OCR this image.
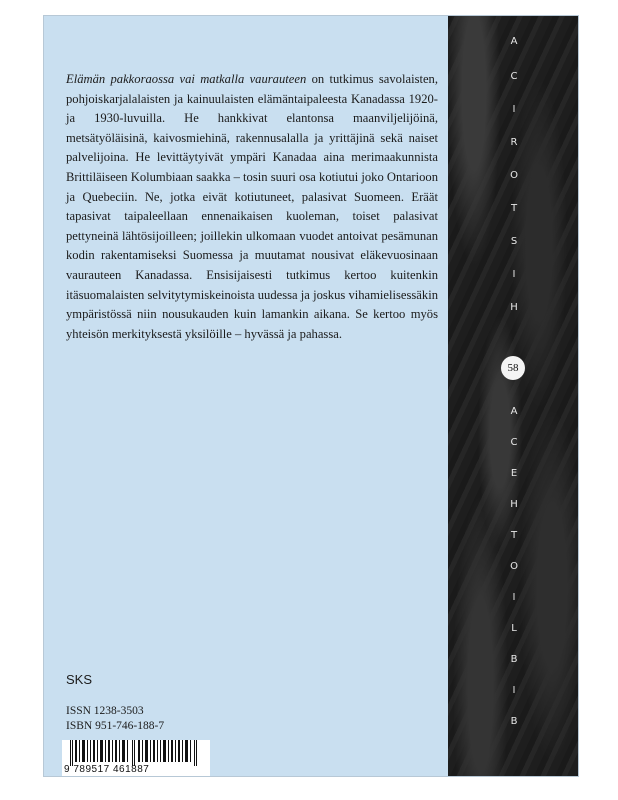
A
C
I
R
O
T
S
I
H
A
C
E
H
T
O
I
L
B
I
B
58
Elämän pakkoraossa vai matkalla vaurauteen on tutkimus savolaisten, pohjoiskarjalalaisten ja kainuulaisten elämäntaipaleesta Kanadassa 1920- ja 1930-luvuilla. He hankkivat elantonsa maanviljelijöinä, metsätyöläisinä, kaivosmiehinä, rakennusalalla ja yrittäjinä sekä naiset palvelijoina. He levittäytyivät ympäri Kanadaa aina merimaakunnista Brittiläiseen Kolumbiaan saakka – tosin suuri osa kotiutui joko Ontarioon ja Quebeciin. Ne, jotka eivät kotiutuneet, palasivat Suomeen. Eräät tapasivat taipaleellaan ennenaikaisen kuoleman, toiset palasivat pettyneinä lähtösijoilleen; joillekin ulkomaan vuodet antoivat pesämunan kodin rakentamiseksi Suomessa ja muutamat nousivat eläkevuosinaan vaurauteen Kanadassa. Ensisijaisesti tutkimus kertoo kuitenkin itäsuomalaisten selvitytymiskeinoista uudessa ja joskus vihamielisessäkin ympäristössä niin nousukauden kuin lamankin aikana. Se kertoo myös yhteisön merkityksestä yksilöille – hyvässä ja pahassa.
SKS
ISSN 1238-3503
ISBN 951-746-188-7
9 789517 461887
